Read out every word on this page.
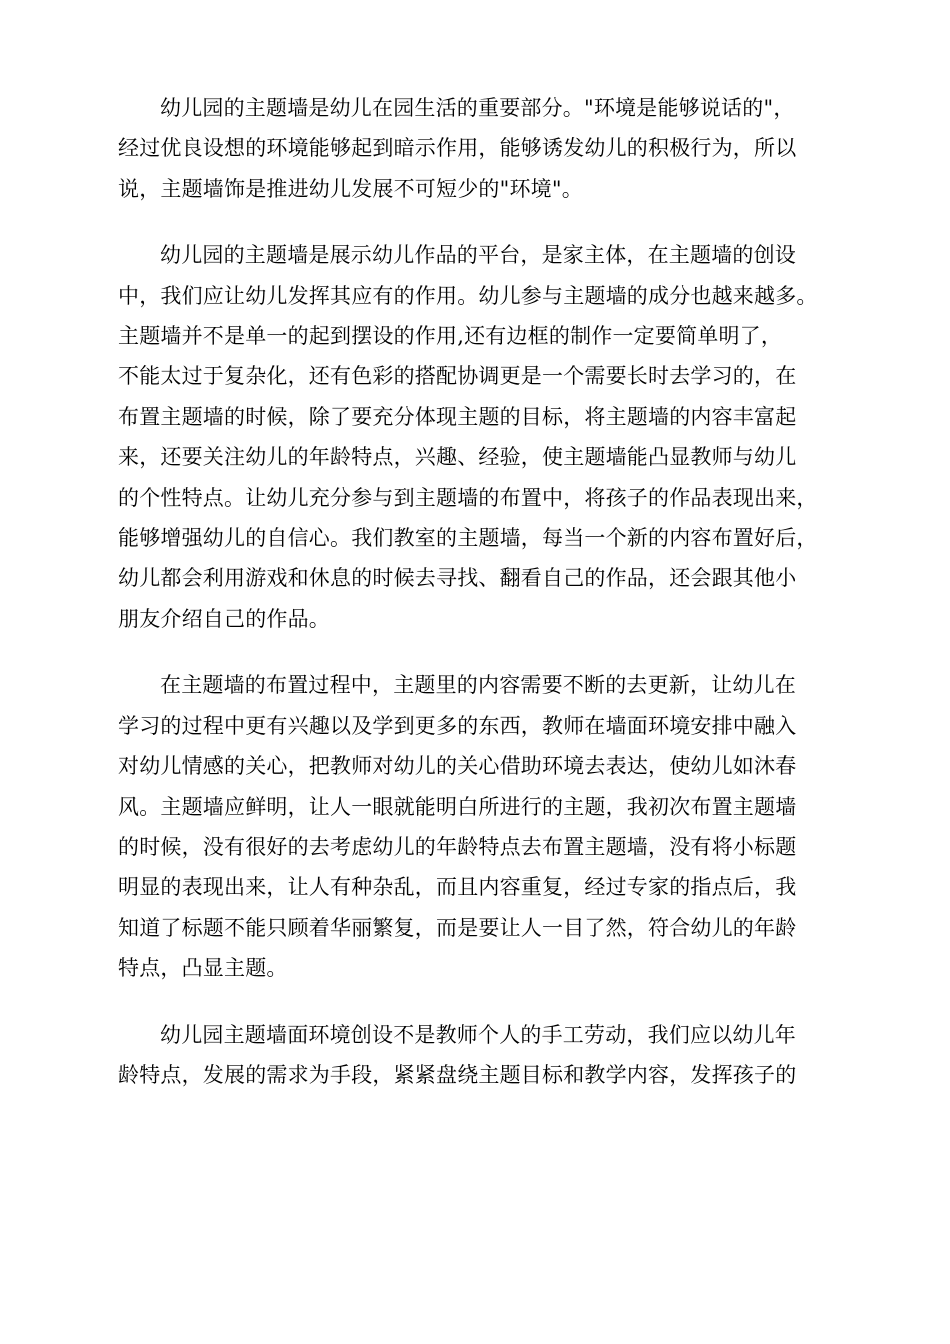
幼儿园的主题墙是幼儿在园生活的重要部分。"环境是能够说话的"，
经过优良设想的环境能够起到暗示作用，能够诱发幼儿的积极行为，所以
说，主题墙饰是推进幼儿发展不可短少的"环境"。

幼儿园的主题墙是展示幼儿作品的平台，是家主体，在主题墙的创设
中，我们应让幼儿发挥其应有的作用。幼儿参与主题墙的成分也越来越多。
主题墙并不是单一的起到摆设的作用,还有边框的制作一定要简单明了，
不能太过于复杂化，还有色彩的搭配协调更是一个需要长时去学习的，在
布置主题墙的时候，除了要充分体现主题的目标，将主题墙的内容丰富起
来，还要关注幼儿的年龄特点，兴趣、经验，使主题墙能凸显教师与幼儿
的个性特点。让幼儿充分参与到主题墙的布置中，将孩子的作品表现出来，
能够增强幼儿的自信心。我们教室的主题墙，每当一个新的内容布置好后，
幼儿都会利用游戏和休息的时候去寻找、翻看自己的作品，还会跟其他小
朋友介绍自己的作品。

在主题墙的布置过程中，主题里的内容需要不断的去更新，让幼儿在
学习的过程中更有兴趣以及学到更多的东西，教师在墙面环境安排中融入
对幼儿情感的关心，把教师对幼儿的关心借助环境去表达，使幼儿如沐春
风。主题墙应鲜明，让人一眼就能明白所进行的主题，我初次布置主题墙
的时候，没有很好的去考虑幼儿的年龄特点去布置主题墙，没有将小标题
明显的表现出来，让人有种杂乱，而且内容重复，经过专家的指点后，我
知道了标题不能只顾着华丽繁复，而是要让人一目了然，符合幼儿的年龄
特点，凸显主题。

幼儿园主题墙面环境创设不是教师个人的手工劳动，我们应以幼儿年
龄特点，发展的需求为手段，紧紧盘绕主题目标和教学内容，发挥孩子的
